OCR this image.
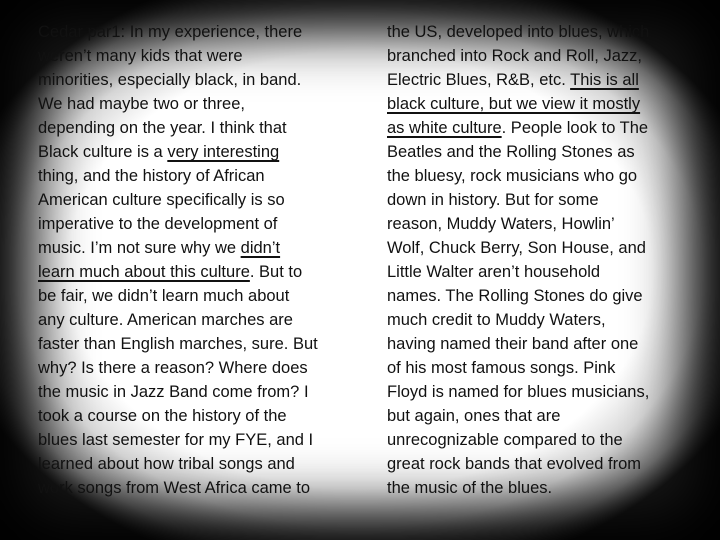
Cedar par1: In my experience, there
weren’t many kids that were
minorities, especially black, in band.
We had maybe two or three,
depending on the year. I think that
Black culture is a very interesting
thing, and the history of African
American culture specifically is so
imperative to the development of
music. I’m not sure why we didn’t
learn much about this culture. But to
be fair, we didn’t learn much about
any culture. American marches are
faster than English marches, sure. But
why? Is there a reason? Where does
the music in Jazz Band come from? I
took a course on the history of the
blues last semester for my FYE, and I
learned about how tribal songs and
work songs from West Africa came to
the US, developed into blues, which
branched into Rock and Roll, Jazz,
Electric Blues, R&B, etc. This is all
black culture, but we view it mostly
as white culture. People look to The
Beatles and the Rolling Stones as
the bluesy, rock musicians who go
down in history. But for some
reason, Muddy Waters, Howlin’
Wolf, Chuck Berry, Son House, and
Little Walter aren’t household
names. The Rolling Stones do give
much credit to Muddy Waters,
having named their band after one
of his most famous songs. Pink
Floyd is named for blues musicians,
but again, ones that are
unrecognizable compared to the
great rock bands that evolved from
the music of the blues.
